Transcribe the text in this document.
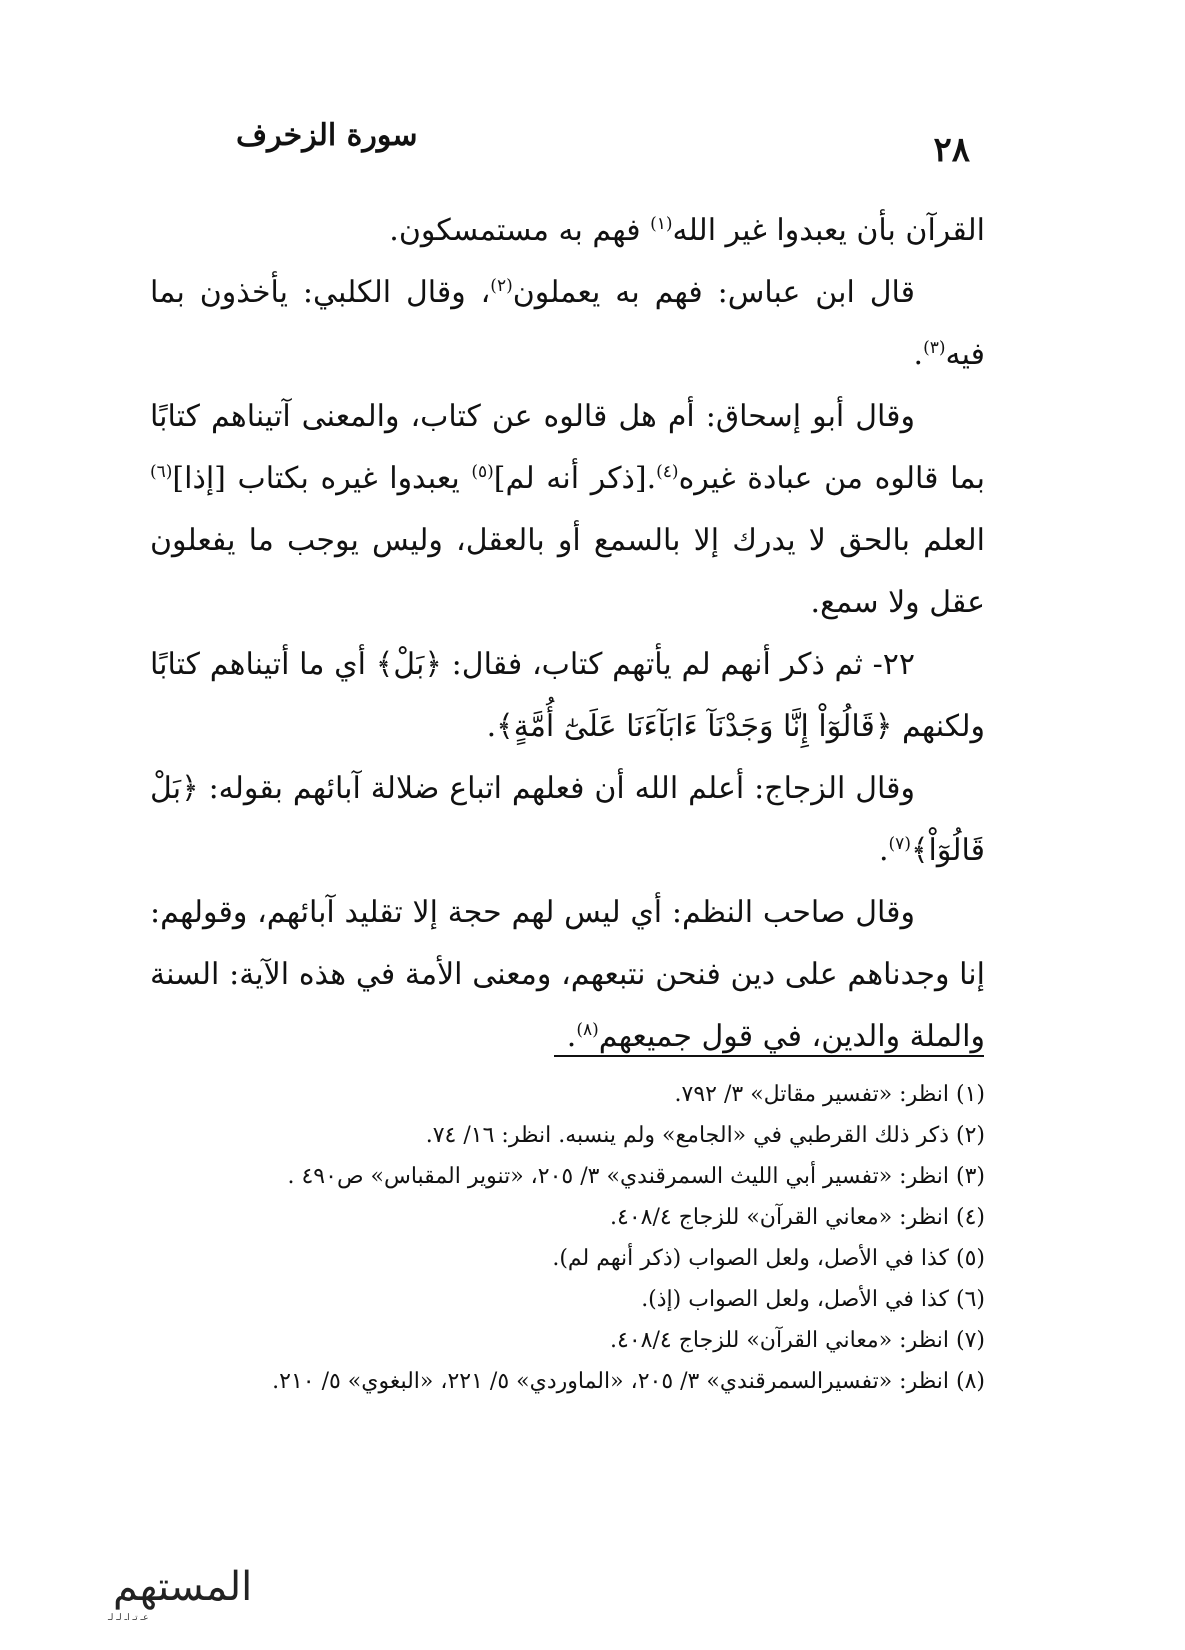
سورة الزخرف	٢٨

القرآن بأن يعبدوا غير الله$^{(١)}$ فهم به مستمسكون.

قال ابن عباس: فهم به يعملون$^{(٢)}$، وقال الكلبي: يأخذون بما فيه$^{(٣)}$.

وقال أبو إسحاق: أم هل قالوه عن كتاب، والمعنى آتيناهم كتابًا بما قالوه من عبادة غيره$^{(٤)}$.[ذكر أنه لم]$^{(٥)}$ يعبدوا غيره بكتاب [إذا]$^{(٦)}$ العلم بالحق لا يدرك إلا بالسمع أو بالعقل، وليس يوجب ما يفعلون عقل ولا سمع.

٢٢- ثم ذكر أنهم لم يأتهم كتاب، فقال: ﴿بَلْ﴾ أي ما أتيناهم كتابًا ولكنهم ﴿قَالُوٓاْ إِنَّا وَجَدْنَآ ءَابَآءَنَا عَلَىٰٓ أُمَّةٍ﴾.

وقال الزجاج: أعلم الله أن فعلهم اتباع ضلالة آبائهم بقوله: ﴿بَلْ قَالُوٓاْ﴾$^{(٧)}$.

وقال صاحب النظم: أي ليس لهم حجة إلا تقليد آبائهم، وقولهم: إنا وجدناهم على دين فنحن نتبعهم، ومعنى الأمة في هذه الآية: السنة والملة والدين، في قول جميعهم$^{(٨)}$.

(١) انظر: «تفسير مقاتل» ٣/ ٧٩٢.
(٢) ذكر ذلك القرطبي في «الجامع» ولم ينسبه. انظر: ١٦/ ٧٤.
(٣) انظر: «تفسير أبي الليث السمرقندي» ٣/ ٢٠٥، «تنوير المقباس» ص٤٩٠ .
(٤) انظر: «معاني القرآن» للزجاج ٤٠٨/٤.
(٥) كذا في الأصل، ولعل الصواب (ذكر أنهم لم).
(٦) كذا في الأصل، ولعل الصواب (إذ).
(٧) انظر: «معاني القرآن» للزجاج ٤٠٨/٤.
(٨) انظر: «تفسيرالسمرقندي» ٣/ ٢٠٥، «الماوردي» ٥/ ٢٢١، «البغوي» ٥/ ٢١٠.
المستهم
عـ تـ اـ لـ لـ
